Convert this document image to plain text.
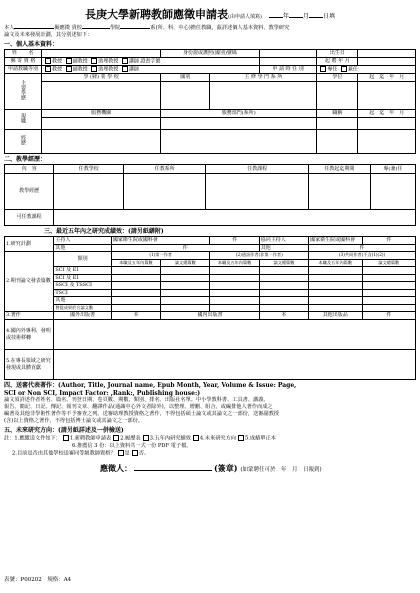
長庚大學新聘教師應徵申請表(由申請人填寫)	年 月 日填
本人	擬應徵 貴校	學院	系(所、科、中心)擔任教職，茲詳述個人基本資料、教學研究
論文及未來發展計劃，其分別述如下：
一、個人基本資料：
姓　　名		身份證或護照(國別)號碼			出生日	
郵 寄 資 格	教授 副教授 助理教授 講師 證書字號				起 聘 年 月	
申請教職等別	教授 副教授 助理教授 講師			申 請 時 任 別	專任 兼任	
主要學歷	學 (肄) 業 學 校	國別	主 修 學 門 系 所		學位	起　迄　年　月

現職	服務機關	服務部門(系所)			職稱	起　迄　年　月

經歷						
二、教學經歷：
內　容	任教學校	任教系所	任教課程	任教起迄期間	專(兼)任
教學經歷					
可任教課程					
三、最近五年內之研究成績效：(請另紙繕附)
1.研究計劃	主持人	國家衛生院或國科會		件	協同主持人	國家衛生院或國科會	件
	其他	件			其他	件	
2.期刊論文發表篇數	類別	(1)第一作者		(2)通訊作者(非第一作者)		(3)共同作者(不含(1)(2))	
		本職及五年內篇數	論文總篇數	本職及五年內篇數	論文總篇數	本職及五年內篇數	論文總篇數
	SCI 及 EI						
	SCI 及 EI						
	SSCI 及 TSSCI						
	TSCI						
	其他						
	曾提成果於合論文數						
3.著作	國外出版書	本	國內出版書		本	其他出版品	件
4.國內外專利、發明或技術移轉							
5.在專長領域之研究發現或具體貢獻							
四、送審代表著作：(Author, Title, Journal name, Epub Month, Year, Volume & Issue: Page,
SCI or Non SCI, Impact Factor: ,Rank:, Publishing house:)
論文須詳述作者姓名、篇名、刊登日期、卷頁數、期數、類別、排名、出版社名單。中小學教科書、工具書、講義、
報告、簡記、日記、傳記、報刊文章、翻譯作品(通識中心外文者除外)，以整理、增刪、組合、或編排他人著作而成之
編著及其他非學術性著作等不予審查之列。送審助理教授資格之著作，不得包括碩士論文或其論文之一部份，送審副教授
(含)以上資格之著作，不得包括博士論文或其論文之一部份。
五、未來研究方向：(請另紙詳述及一併檢送)
註：1.應繳送文件如下： 1.新聘教師申請表 2.履歷表 3.五年內研究績效 4.未來研究方向 5.成績單正本
6.推薦信 3 份：以上資料共一式一份 PDF 電子檔。
2.目前是否由其他學校送審同等級教師資格？ 是 否。
應徵人：	(簽章) (如蒙聘任可於　年　月　日報到)
表號：P00202　規格：A4
